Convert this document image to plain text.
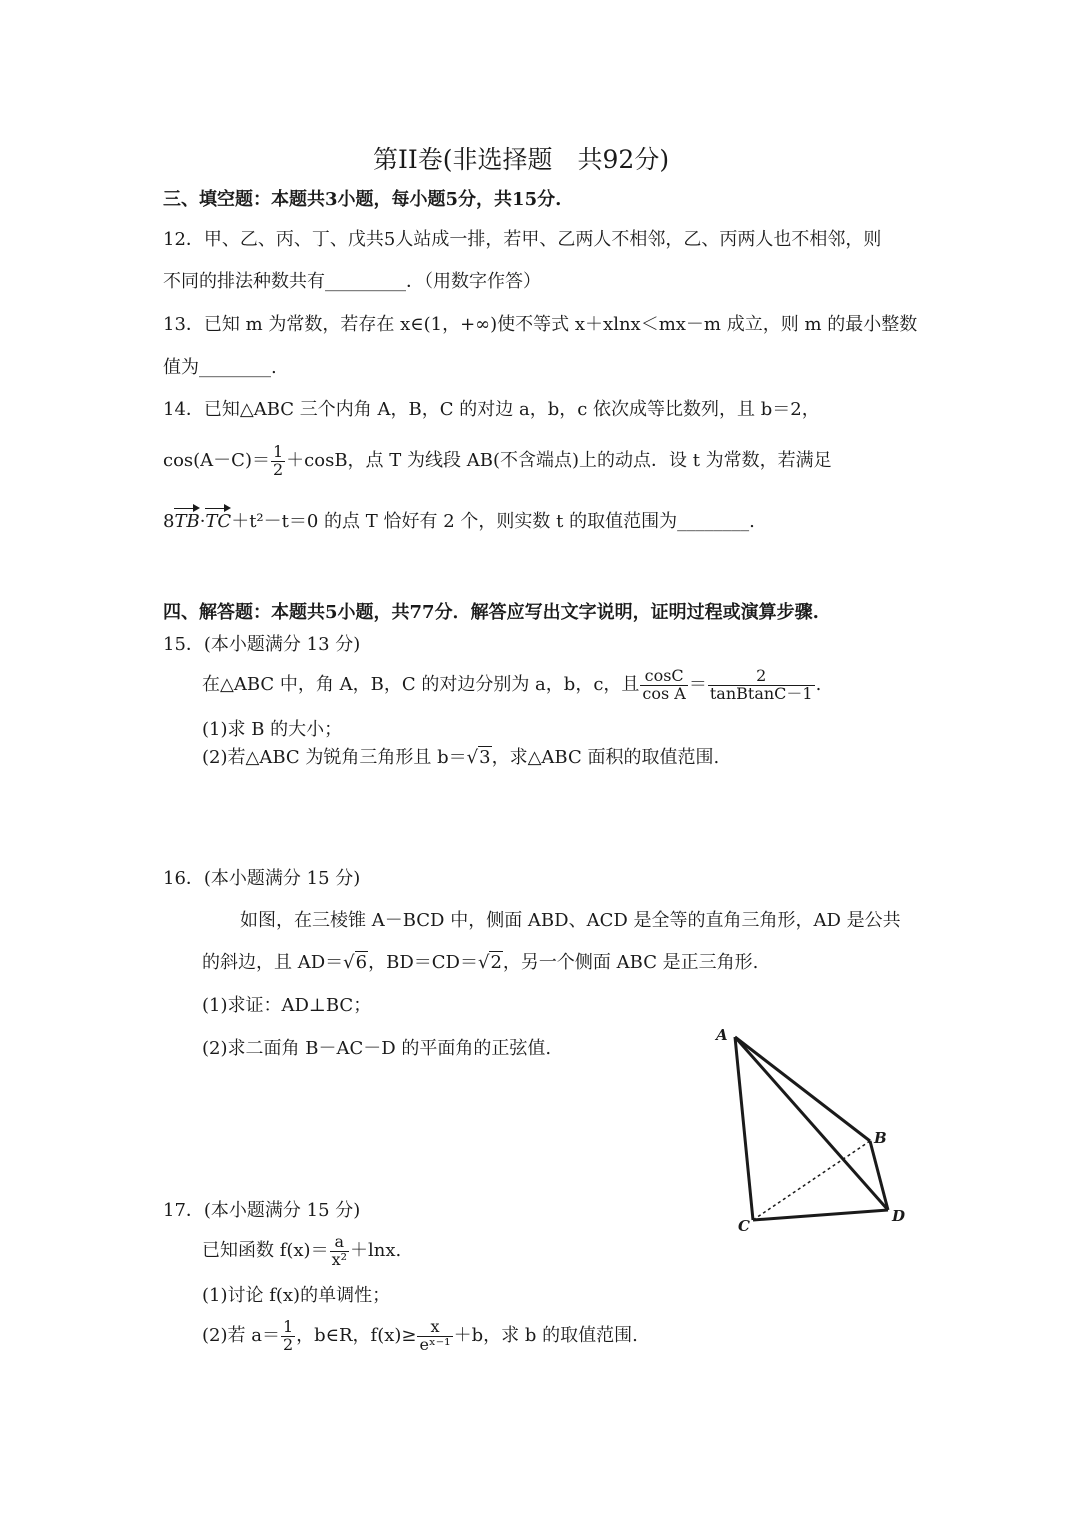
第II卷(非选择题　共92分)
三、填空题：本题共3小题，每小题5分，共15分.
12．甲、乙、丙、丁、戊共5人站成一排，若甲、乙两人不相邻，乙、丙两人也不相邻，则
不同的排法种数共有_________．（用数字作答）
13．已知 m 为常数，若存在 x∈(1，+∞)使不等式 x＋xlnx＜mx－m 成立，则 m 的最小整数
值为________.
14．已知△ABC 三个内角 A，B，C 的对边 a，b，c 依次成等比数列，且 b＝2，
$\cos(A-C)= \frac{1}{2} +\cos B$，点 T 为线段 AB(不含端点)上的动点．设 t 为常数，若满足
8TB·TC＋t²－t＝0 的点 T 恰好有 2 个，则实数 t 的取值范围为________.
四、解答题：本题共5小题，共77分．解答应写出文字说明，证明过程或演算步骤.
15．(本小题满分 13 分)
在△ABC 中，角 A，B，C 的对边分别为 a，b，c，且 $\frac{\cos C}{\text{cos A}} = \frac{2}{\text{tanBtanC－1}}$ .
(1)求 B 的大小；
(2)若△ABC 为锐角三角形且 b＝√3，求△ABC 面积的取值范围.
16．(本小题满分 15 分)
如图，在三棱锥 A－BCD 中，侧面 ABD、ACD 是全等的直角三角形，AD 是公共
的斜边，且 AD＝√6，BD＝CD＝√2，另一个侧面 ABC 是正三角形.
(1)求证：AD⊥BC；
(2)求二面角 B－AC－D 的平面角的正弦值.
A
B
C
D
17．(本小题满分 15 分)
已知函数 $f(x)= \frac{a}{\text{x²}} +\ln x$.
(1)讨论 f(x)的单调性；
(2)若 $a= \frac{1}{2}$ ，b∈R，$f(x)\ge \frac{x}{\text{eˣ⁻¹}} +b$，求 b 的取值范围.
